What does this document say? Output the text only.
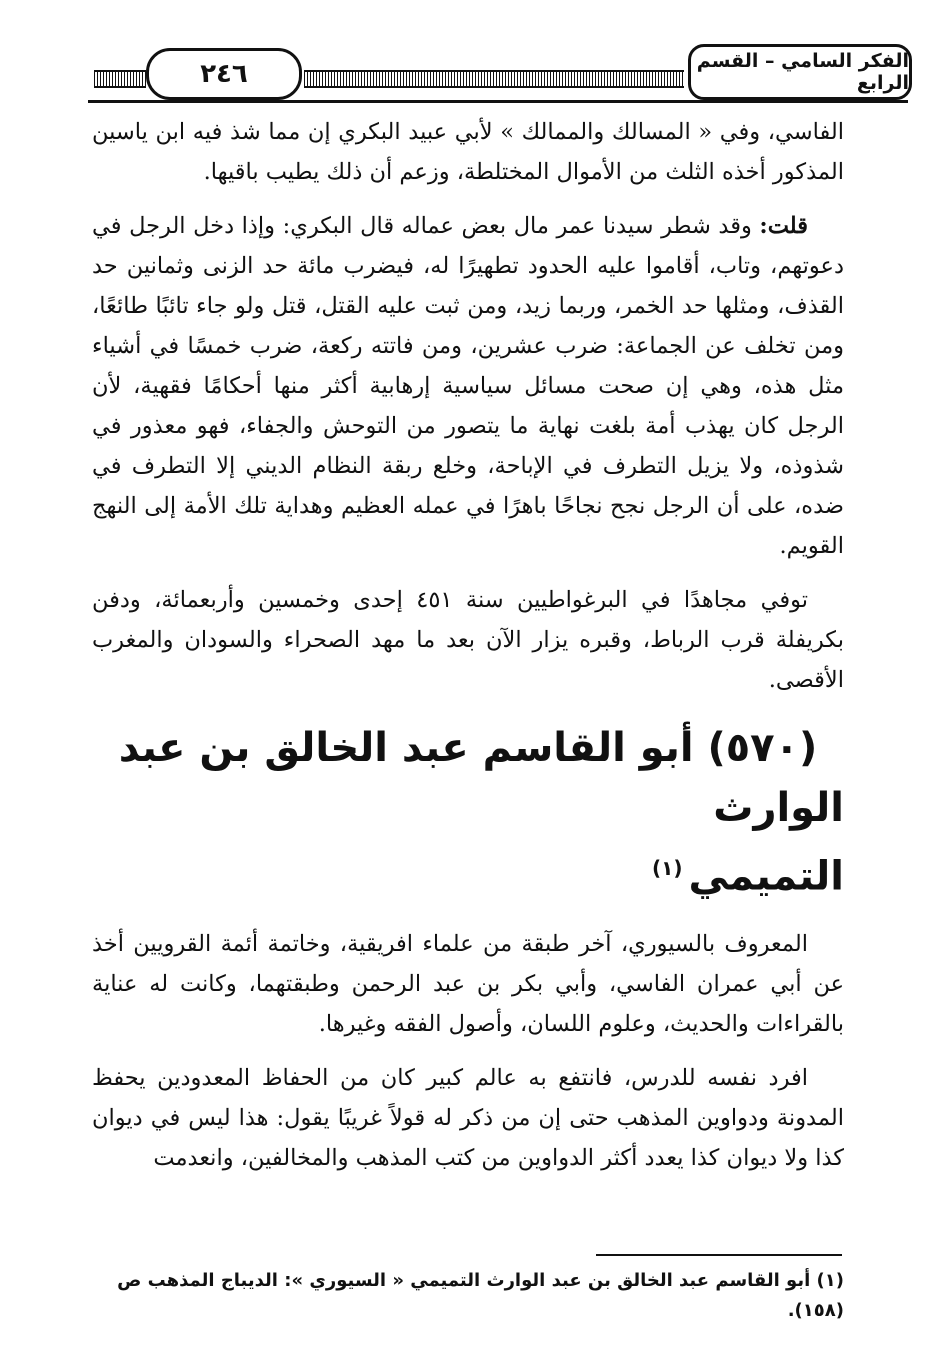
٢٤٦	الفكر السامي – القسم الرابع

الفاسي، وفي « المسالك والممالك » لأبي عبيد البكري إن مما شذ فيه ابن ياسين المذكور أخذه الثلث من الأموال المختلطة، وزعم أن ذلك يطيب باقيها.

قلت: وقد شطر سيدنا عمر مال بعض عماله قال البكري: وإذا دخل الرجل في دعوتهم، وتاب، أقاموا عليه الحدود تطهيرًا له، فيضرب مائة حد الزنى وثمانين حد القذف، ومثلها حد الخمر، وربما زيد، ومن ثبت عليه القتل، قتل ولو جاء تائبًا طائعًا، ومن تخلف عن الجماعة: ضرب عشرين، ومن فاتته ركعة، ضرب خمسًا في أشياء مثل هذه، وهي إن صحت مسائل سياسية إرهابية أكثر منها أحكامًا فقهية، لأن الرجل كان يهذب أمة بلغت نهاية ما يتصور من التوحش والجفاء، فهو معذور في شذوذه، ولا يزيل التطرف في الإباحة، وخلع ربقة النظام الديني إلا التطرف في ضده، على أن الرجل نجح نجاحًا باهرًا في عمله العظيم وهداية تلك الأمة إلى النهج القويم.

توفي مجاهدًا في البرغواطيين سنة ٤٥١ إحدى وخمسين وأربعمائة، ودفن بكريفلة قرب الرباط، وقبره يزار الآن بعد ما مهد الصحراء والسودان والمغرب الأقصى.

(٥٧٠) أبو القاسم عبد الخالق بن عبد الوارث
التميمي$^{(١)}$

المعروف بالسيوري، آخر طبقة من علماء افريقية، وخاتمة أئمة القرويين أخذ عن أبي عمران الفاسي، وأبي بكر بن عبد الرحمن وطبقتهما، وكانت له عناية بالقراءات والحديث، وعلوم اللسان، وأصول الفقه وغيرها.

افرد نفسه للدرس، فانتفع به عالم كبير كان من الحفاظ المعدودين يحفظ المدونة ودواوين المذهب حتى إن من ذكر له قولاً غريبًا يقول: هذا ليس في ديوان كذا ولا ديوان كذا يعدد أكثر الدواوين من كتب المذهب والمخالفين، وانعدمت

(١) أبو القاسم عبد الخالق بن عبد الوارث التميمي « السيوري »: الديباج المذهب ص (١٥٨).
